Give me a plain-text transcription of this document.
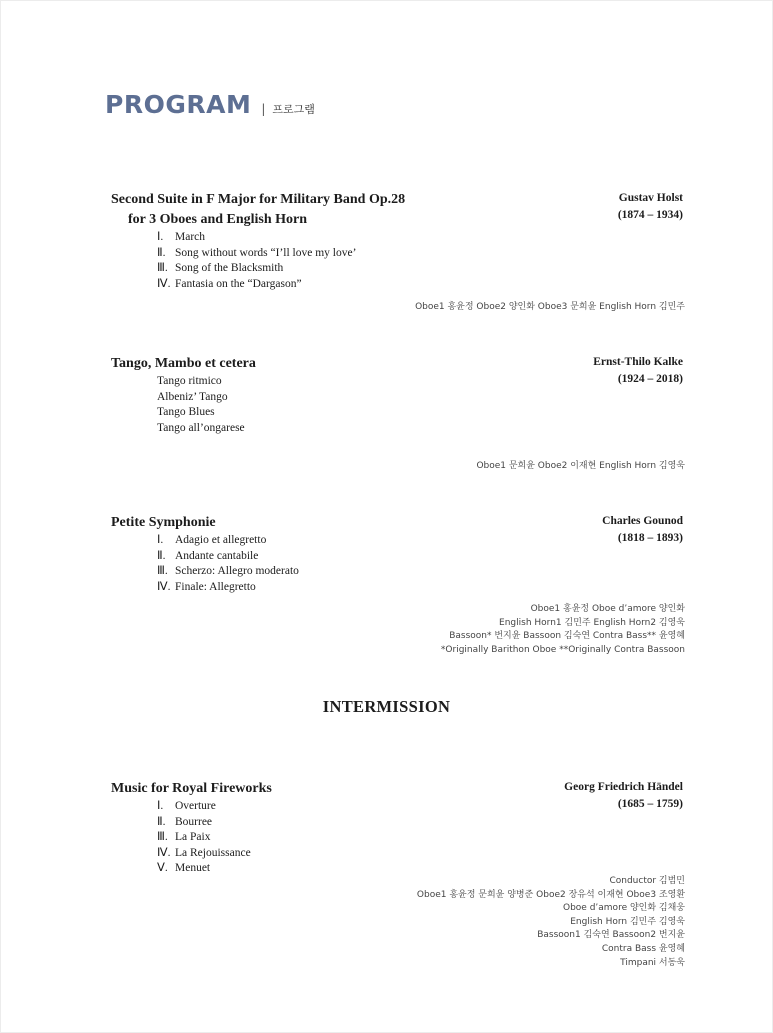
PROGRAM | 프로그램
Second Suite in F Major for Military Band Op.28
for 3 Oboes and English Horn
Gustav Holst
(1874 – 1934)
Ⅰ.	March
Ⅱ. Song without words “I’ll love my love’
Ⅲ. Song of the Blacksmith
Ⅳ. Fantasia on the “Dargason”
Oboe1 홍윤정 Oboe2 양인화 Oboe3 문희윤 English Horn 김민주
Tango, Mambo et cetera	Ernst-Thilo Kalke
(1924 – 2018)
Tango ritmico
Albeniz’ Tango
Tango Blues
Tango all’ongarese
Oboe1 문희윤 Oboe2 이재현 English Horn 김영욱
Petite Symphonie	Charles Gounod
(1818 – 1893)
Ⅰ.	Adagio et allegretto
Ⅱ. Andante cantabile
Ⅲ. Scherzo: Allegro moderato
Ⅳ. Finale: Allegretto
Oboe1 홍윤정 Oboe d’amore 양인화
English Horn1 김민주 English Horn2 김영욱
Bassoon* 번지윤 Bassoon 김숙연 Contra Bass** 윤영혜
*Originally Barithon Oboe **Originally Contra Bassoon
INTERMISSION
Music for Royal Fireworks	Georg Friedrich Händel
(1685 – 1759)
Ⅰ.	Overture
Ⅱ. Bourree
Ⅲ. La Paix
Ⅳ. La Rejouissance
Ⅴ. Menuet
Conductor 김범민
Oboe1 홍윤정 문희윤 양병준 Oboe2 장유석 이재현 Oboe3 조영환
Oboe d’amore 양인화 김채웅
English Horn 김민주 김영욱
Bassoon1 김숙연 Bassoon2 번지윤
Contra Bass 윤영혜
Timpani 서동욱
